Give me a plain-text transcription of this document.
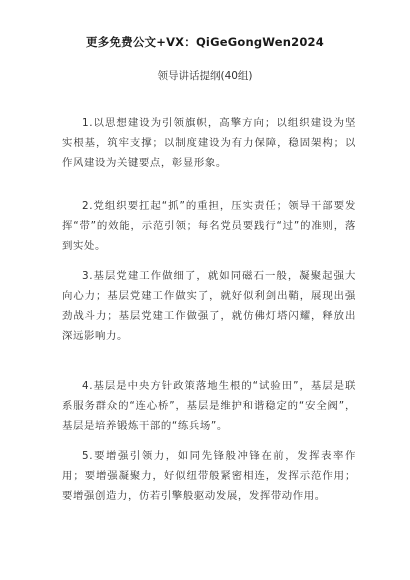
更多免费公文+VX：QiGeGongWen2024
领导讲话提纲(40组)

1.以思想建设为引领旗帜，高擎方向；以组织建设为坚实根基，筑牢支撑；以制度建设为有力保障，稳固架构；以作风建设为关键要点，彰显形象。

2.党组织要扛起“抓”的重担，压实责任；领导干部要发挥“带”的效能，示范引领；每名党员要践行“过”的准则，落到实处。

3.基层党建工作做细了，就如同磁石一般，凝聚起强大向心力；基层党建工作做实了，就好似利剑出鞘，展现出强劲战斗力；基层党建工作做强了，就仿佛灯塔闪耀，释放出深远影响力。

4.基层是中央方针政策落地生根的“试验田”，基层是联系服务群众的“连心桥”，基层是维护和谐稳定的“安全阀”，基层是培养锻炼干部的“练兵场”。

5.要增强引领力，如同先锋般冲锋在前，发挥表率作用；要增强凝聚力，好似纽带般紧密相连，发挥示范作用；要增强创造力，仿若引擎般驱动发展，发挥带动作用。
